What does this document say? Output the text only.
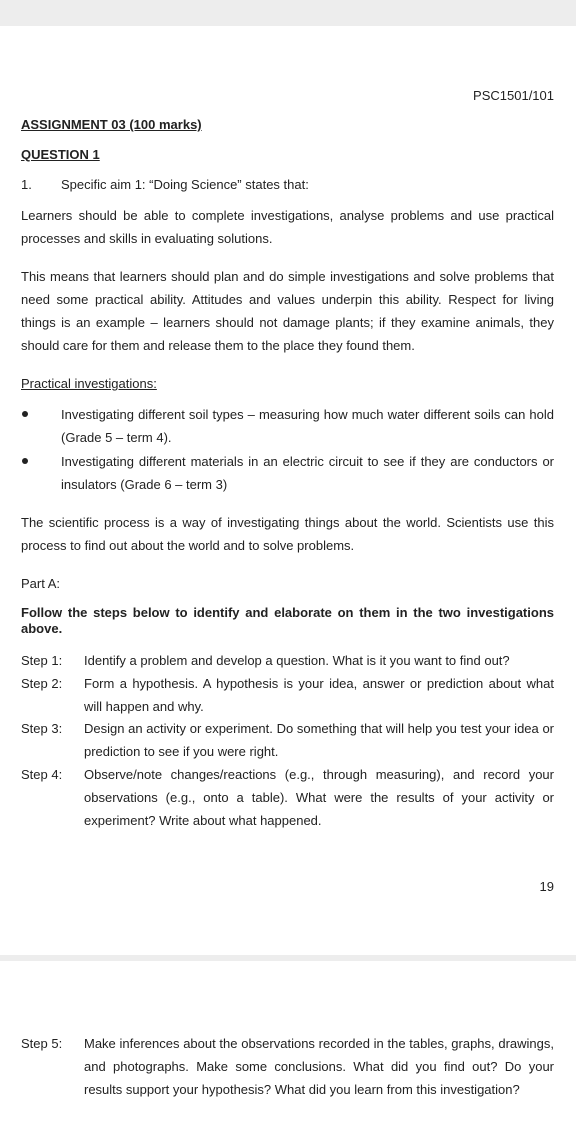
PSC1501/101
ASSIGNMENT 03 (100 marks)
QUESTION 1
1. Specific aim 1: “Doing Science” states that:
Learners should be able to complete investigations, analyse problems and use practical processes and skills in evaluating solutions.
This means that learners should plan and do simple investigations and solve problems that need some practical ability. Attitudes and values underpin this ability. Respect for living things is an example – learners should not damage plants; if they examine animals, they should care for them and release them to the place they found them.
Practical investigations:
Investigating different soil types – measuring how much water different soils can hold (Grade 5 – term 4).
Investigating different materials in an electric circuit to see if they are conductors or insulators (Grade 6 – term 3)
The scientific process is a way of investigating things about the world. Scientists use this process to find out about the world and to solve problems.
Part A:
Follow the steps below to identify and elaborate on them in the two investigations above.
Step 1: Identify a problem and develop a question. What is it you want to find out?
Step 2: Form a hypothesis. A hypothesis is your idea, answer or prediction about what will happen and why.
Step 3: Design an activity or experiment. Do something that will help you test your idea or prediction to see if you were right.
Step 4: Observe/note changes/reactions (e.g., through measuring), and record your observations (e.g., onto a table). What were the results of your activity or experiment? Write about what happened.
19
Step 5: Make inferences about the observations recorded in the tables, graphs, drawings, and photographs. Make some conclusions. What did you find out? Do your results support your hypothesis? What did you learn from this investigation?
